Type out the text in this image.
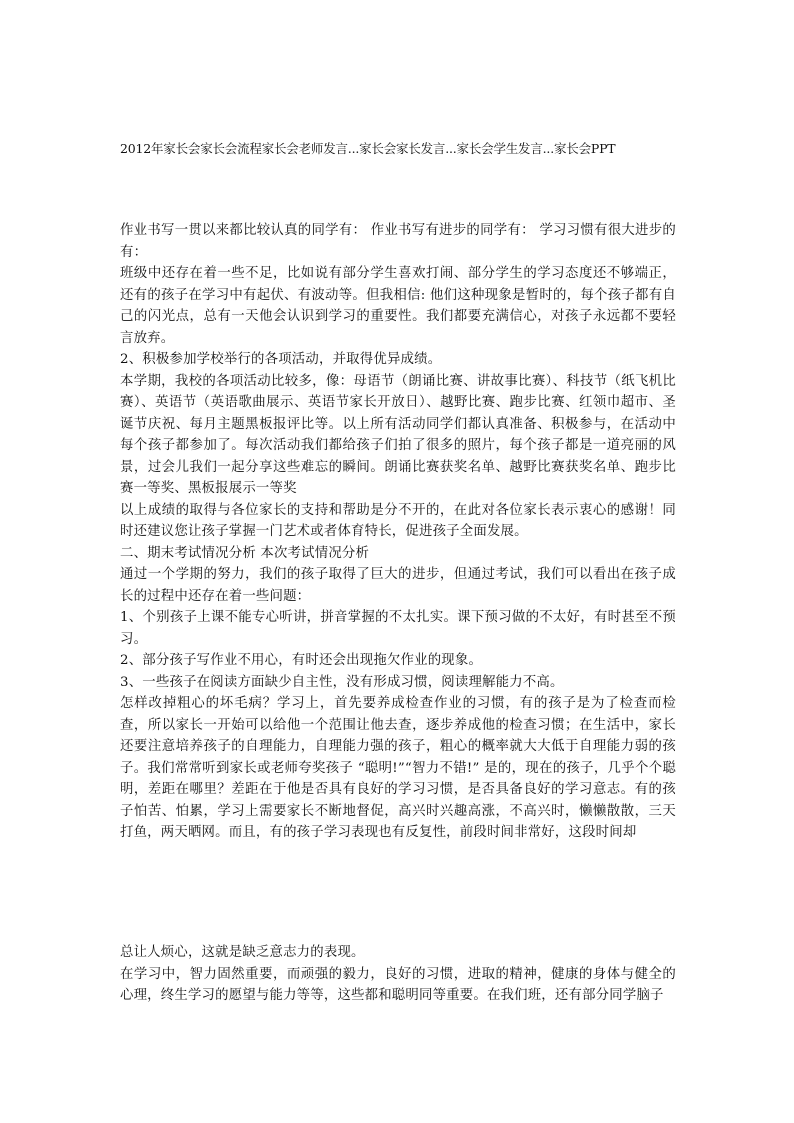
2012年家长会家长会流程家长会老师发言...家长会家长发言...家长会学生发言...家长会PPT

作业书写一贯以来都比较认真的同学有： 作业书写有进步的同学有： 学习习惯有很大进步的有：

班级中还存在着一些不足，比如说有部分学生喜欢打闹、部分学生的学习态度还不够端正，还有的孩子在学习中有起伏、有波动等。但我相信: 他们这种现象是暂时的，每个孩子都有自己的闪光点，总有一天他会认识到学习的重要性。我们都要充满信心，对孩子永远都不要轻言放弃。

2、积极参加学校举行的各项活动，并取得优异成绩。

本学期，我校的各项活动比较多，像：母语节（朗诵比赛、讲故事比赛）、科技节（纸飞机比赛）、英语节（英语歌曲展示、英语节家长开放日）、越野比赛、跑步比赛、红领巾超市、圣诞节庆祝、每月主题黑板报评比等。以上所有活动同学们都认真准备、积极参与，在活动中每个孩子都参加了。每次活动我们都给孩子们拍了很多的照片，每个孩子都是一道亮丽的风景，过会儿我们一起分享这些难忘的瞬间。朗诵比赛获奖名单、越野比赛获奖名单、跑步比赛一等奖、黑板报展示一等奖

以上成绩的取得与各位家长的支持和帮助是分不开的，在此对各位家长表示衷心的感谢！同时还建议您让孩子掌握一门艺术或者体育特长，促进孩子全面发展。

二、期末考试情况分析 本次考试情况分析

通过一个学期的努力，我们的孩子取得了巨大的进步，但通过考试，我们可以看出在孩子成长的过程中还存在着一些问题：

1、个别孩子上课不能专心听讲，拼音掌握的不太扎实。课下预习做的不太好，有时甚至不预习。

2、部分孩子写作业不用心，有时还会出现拖欠作业的现象。

3、一些孩子在阅读方面缺少自主性，没有形成习惯，阅读理解能力不高。

怎样改掉粗心的坏毛病？学习上，首先要养成检查作业的习惯，有的孩子是为了检查而检查，所以家长一开始可以给他一个范围让他去查，逐步养成他的检查习惯；在生活中，家长还要注意培养孩子的自理能力，自理能力强的孩子，粗心的概率就大大低于自理能力弱的孩子。我们常常听到家长或老师夸奖孩子 “聪明!”“智力不错!” 是的，现在的孩子，几乎个个聪明，差距在哪里？差距在于他是否具有良好的学习习惯，是否具备良好的学习意志。有的孩子怕苦、怕累，学习上需要家长不断地督促，高兴时兴趣高涨，不高兴时，懒懒散散，三天打鱼，两天晒网。而且，有的孩子学习表现也有反复性，前段时间非常好，这段时间却

总让人烦心，这就是缺乏意志力的表现。

在学习中，智力固然重要，而顽强的毅力，良好的习惯，进取的精神，健康的身体与健全的心理，终生学习的愿望与能力等等，这些都和聪明同等重要。在我们班，还有部分同学脑子
